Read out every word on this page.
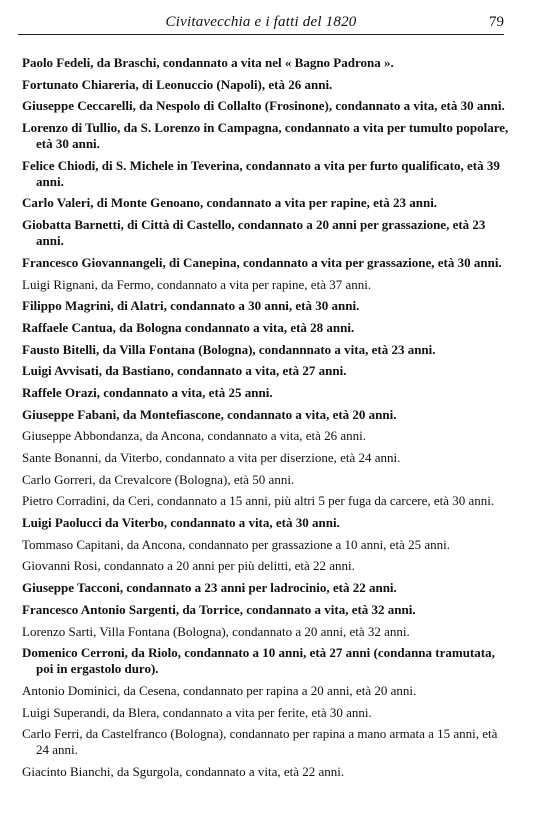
Civitavecchia e i fatti del 1820	79

Paolo Fedeli, da Braschi, condannato a vita nel « Bagno Padrona ».

Fortunato Chiareria, di Leonuccio (Napoli), età 26 anni.

Giuseppe Ceccarelli, da Nespolo di Collalto (Frosinone), condannato a vita, età 30 anni.

Lorenzo di Tullio, da S. Lorenzo in Campagna, condannato a vita per tumulto popolare, età 30 anni.

Felice Chiodi, di S. Michele in Teverina, condannato a vita per furto qualificato, età 39 anni.

Carlo Valeri, di Monte Genoano, condannato a vita per rapine, età 23 anni.

Giobatta Barnetti, di Città di Castello, condannato a 20 anni per grassazione, età 23 anni.

Francesco Giovannangeli, di Canepina, condannato a vita per grassazione, età 30 anni.

Luigi Rignani, da Fermo, condannato a vita per rapine, età 37 anni.

Filippo Magrini, di Alatri, condannato a 30 anni, età 30 anni.

Raffaele Cantua, da Bologna condannato a vita, età 28 anni.

Fausto Bitelli, da Villa Fontana (Bologna), condannnato a vita, età 23 anni.

Luigi Avvisati, da Bastiano, condannato a vita, età 27 anni.

Raffele Orazi, condannato a vita, età 25 anni.

Giuseppe Fabani, da Montefiascone, condannato a vita, età 20 anni.

Giuseppe Abbondanza, da Ancona, condannato a vita, età 26 anni.

Sante Bonanni, da Viterbo, condannato a vita per diserzione, età 24 anni.

Carlo Gorreri, da Crevalcore (Bologna), età 50 anni.

Pietro Corradini, da Ceri, condannato a 15 anni, più altri 5 per fuga da carcere, età 30 anni.

Luigi Paolucci da Viterbo, condannato a vita, età 30 anni.

Tommaso Capitani, da Ancona, condannato per grassazione a 10 anni, età 25 anni.

Giovanni Rosi, condannato a 20 anni per più delitti, età 22 anni.

Giuseppe Tacconi, condannato a 23 anni per ladrocinio, età 22 anni.

Francesco Antonio Sargenti, da Torrice, condannato a vita, età 32 anni.

Lorenzo Sarti, Villa Fontana (Bologna), condannato a 20 anni, età 32 anni.

Domenico Cerroni, da Riolo, condannato a 10 anni, età 27 anni (condanna tramutata, poi in ergastolo duro).

Antonio Dominici, da Cesena, condannato per rapina a 20 anni, età 20 anni.

Luigi Superandi, da Blera, condannato a vita per ferite, età 30 anni.

Carlo Ferri, da Castelfranco (Bologna), condannato per rapina a mano armata a 15 anni, età 24 anni.

Giacinto Bianchi, da Sgurgola, condannato a vita, età 22 anni.
